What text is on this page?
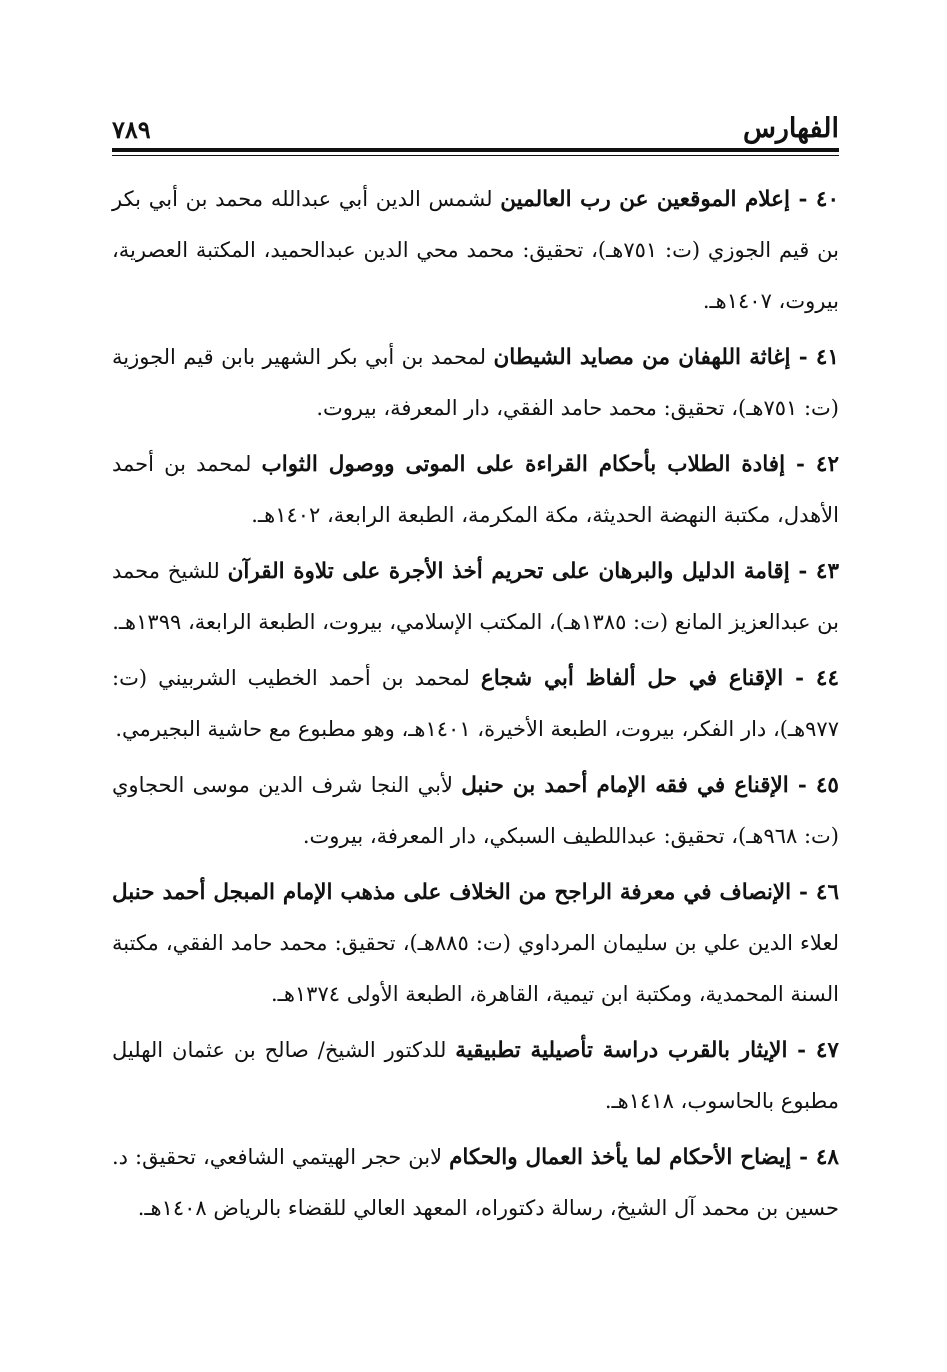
الفهارس
٧٨٩

٤٠ - إعلام الموقعين عن رب العالمين لشمس الدين أبي عبدالله محمد بن أبي بكر بن قيم الجوزي (ت: ٧٥١هـ)، تحقيق: محمد محي الدين عبدالحميد، المكتبة العصرية، بيروت، ١٤٠٧هـ.

٤١ - إغاثة اللهفان من مصايد الشيطان لمحمد بن أبي بكر الشهير بابن قيم الجوزية (ت: ٧٥١هـ)، تحقيق: محمد حامد الفقي، دار المعرفة، بيروت.

٤٢ - إفادة الطلاب بأحكام القراءة على الموتى ووصول الثواب لمحمد بن أحمد الأهدل، مكتبة النهضة الحديثة، مكة المكرمة، الطبعة الرابعة، ١٤٠٢هـ.

٤٣ - إقامة الدليل والبرهان على تحريم أخذ الأجرة على تلاوة القرآن للشيخ محمد بن عبدالعزيز المانع (ت: ١٣٨٥هـ)، المكتب الإسلامي، بيروت، الطبعة الرابعة، ١٣٩٩هـ.

٤٤ - الإقناع في حل ألفاظ أبي شجاع لمحمد بن أحمد الخطيب الشربيني (ت: ٩٧٧هـ)، دار الفكر، بيروت، الطبعة الأخيرة، ١٤٠١هـ، وهو مطبوع مع حاشية البجيرمي.

٤٥ - الإقناع في فقه الإمام أحمد بن حنبل لأبي النجا شرف الدين موسى الحجاوي (ت: ٩٦٨هـ)، تحقيق: عبداللطيف السبكي، دار المعرفة، بيروت.

٤٦ - الإنصاف في معرفة الراجح من الخلاف على مذهب الإمام المبجل أحمد حنبل لعلاء الدين علي بن سليمان المرداوي (ت: ٨٨٥هـ)، تحقيق: محمد حامد الفقي، مكتبة السنة المحمدية، ومكتبة ابن تيمية، القاهرة، الطبعة الأولى ١٣٧٤هـ.

٤٧ - الإيثار بالقرب دراسة تأصيلية تطبيقية للدكتور الشيخ/ صالح بن عثمان الهليل مطبوع بالحاسوب، ١٤١٨هـ.

٤٨ - إيضاح الأحكام لما يأخذ العمال والحكام لابن حجر الهيتمي الشافعي، تحقيق: د. حسين بن محمد آل الشيخ، رسالة دكتوراه، المعهد العالي للقضاء بالرياض ١٤٠٨هـ.
